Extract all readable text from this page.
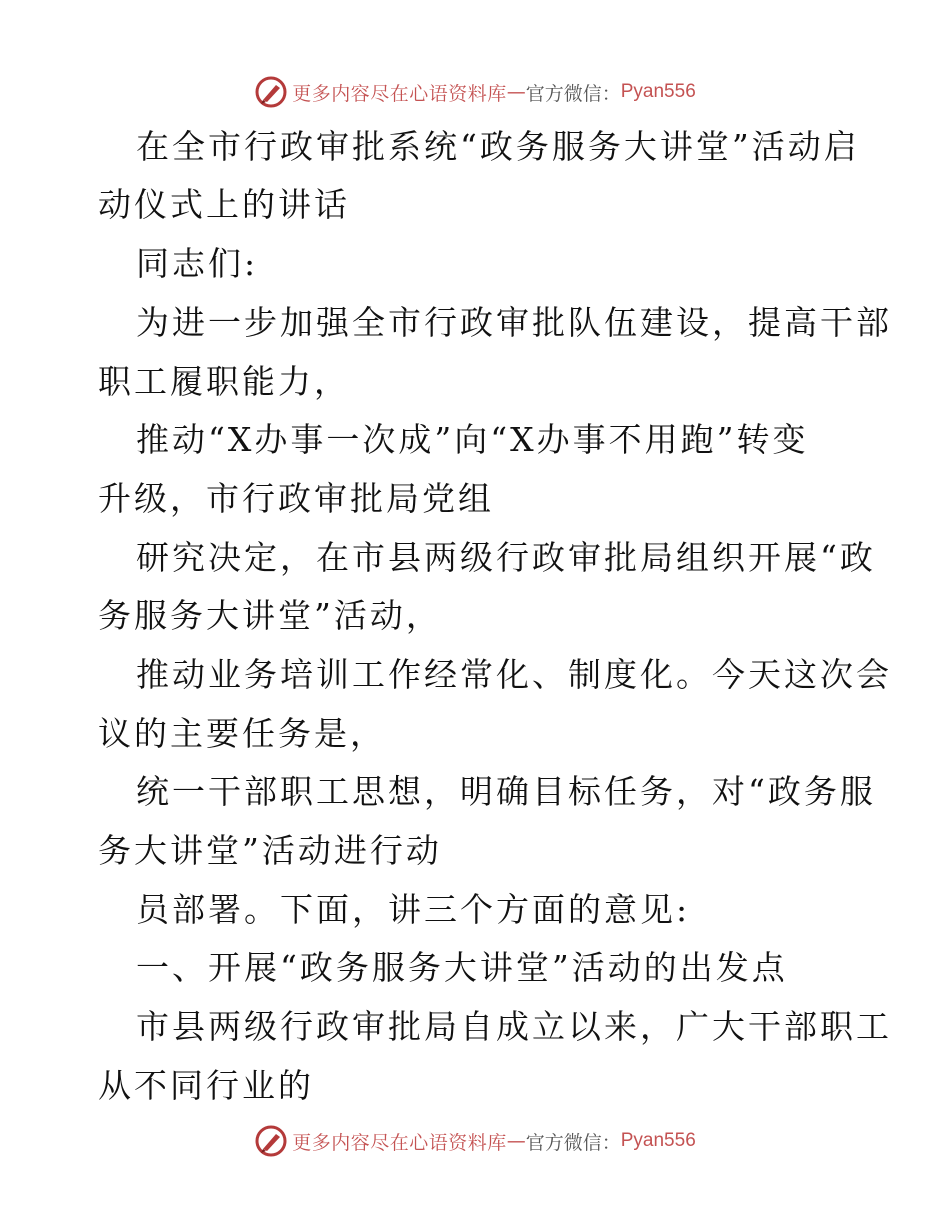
更多内容尽在心语资料库 — 官方微信： Pyan556

在全市行政审批系统“政务服务大讲堂”活动启

动仪式上的讲话

同志们:

为进一步加强全市行政审批队伍建设，提高干部

职工履职能力，

推动“X办事一次成”向“X办事不用跑”转变

升级，市行政审批局党组

研究决定，在市县两级行政审批局组织开展“政

务服务大讲堂”活动，

推动业务培训工作经常化、制度化。今天这次会

议的主要任务是，

统一干部职工思想，明确目标任务，对“政务服

务大讲堂”活动进行动

员部署。下面，讲三个方面的意见:

一、开展“政务服务大讲堂”活动的出发点

市县两级行政审批局自成立以来，广大干部职工

从不同行业的

更多内容尽在心语资料库 — 官方微信： Pyan556
